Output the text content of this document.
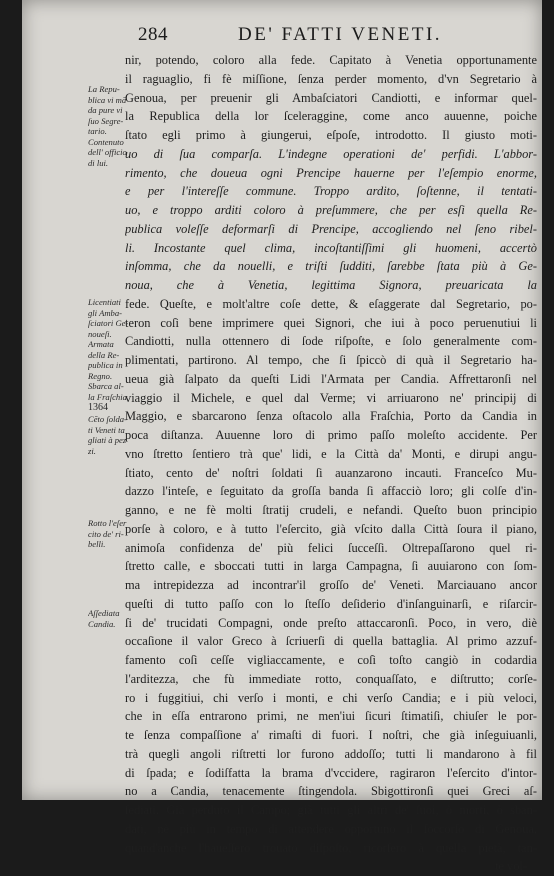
284	DE' FATTI VENETI.
nir, potendo, coloro alla fede. Capitato à Venetia opportunamente
il raguaglio, fi fè miſſione, ſenza perder momento, d'vn Segretario à
Genoua, per preuenir gli Ambaſciatori Candiotti, e informar quel-
la Republica della lor ſceleraggine, come anco auuenne, poiche
ſtato egli primo à giungerui, eſpoſe, introdotto. Il giusto moti-
uo di ſua comparſa. L'indegne operationi de' perfidi. L'abbor-
rimento, che doueua ogni Prencipe hauerne per l'eſempio enorme,
e per l'intereſſe commune. Troppo ardito, ſoſtenne, il tentati-
uo, e troppo arditi coloro à preſummere, che per esſi quella Re-
publica voleſſe deformarſi di Prencipe, accogliendo nel ſeno ribel-
li. Incostante quel clima, incoſtantiſſimi gli huomeni, accertò
inſomma, che da nouelli, e triſti ſudditi, ſarebbe ſtata più à Ge-
noua, che à Venetia, legittima Signora, preuaricata la
fede. Queſte, e molt'altre coſe dette, & eſaggerate dal Segretario, po-
teron coſì bene imprimere quei Signori, che iui à poco peruenutiui li
Candiotti, nulla ottennero di ſode riſpoſte, e ſolo generalmente com-
plimentati, partirono. Al tempo, che ſi ſpiccò di quà il Segretario ha-
ueua già ſalpato da queſti Lidi l'Armata per Candia. Affrettaronſi nel
viaggio il Michele, e quel dal Verme; vi arriuarono ne' principij di
Maggio, e sbarcarono ſenza oſtacolo alla Fraſchia, Porto da Candia in
poca diſtanza. Auuenne loro di primo paſſo moleſto accidente. Per
vno ſtretto ſentiero trà que' lidi, e la Città da' Monti, e dirupi angu-
ſtiato, cento de' noſtri ſoldati ſi auanzarono incauti. Franceſco Mu-
dazzo l'inteſe, e ſeguitato da groſſa banda ſi affacciò loro; gli colſe d'in-
ganno, e ne fè molti ſtratij crudeli, e nefandi. Queſto buon principio
porſe à coloro, e à tutto l'eſercito, già vſcito dalla Città ſoura il piano,
animoſa confidenza de' più felici ſucceſſi. Oltrepaſſarono quel ri-
ſtretto calle, e sboccati tutti in larga Campagna, ſi auuiarono con ſom-
ma intrepidezza ad incontrar'il groſſo de' Veneti. Marciauano ancor
queſti di tutto paſſo con lo ſteſſo deſiderio d'inſanguinarſi, e riſarcir-
ſi de' trucidati Compagni, onde preſto attaccaronſi. Poco, in vero, diè
occaſione il valor Greco à ſcriuerſi di quella battaglia. Al primo azzuf-
famento coſì ceſſe vigliaccamente, e coſì toſto cangiò in codardia
l'arditezza, che fù immediate rotto, conquaſſato, e diſtrutto; corſe-
ro i fuggitiui, chi verſo i monti, e chi verſo Candia; e i più veloci,
che in eſſa entrarono primi, ne men'iui ſicuri ſtimatiſi, chiuſer le por-
te ſenza compaſſione a' rimaſti di fuori. I noſtri, che già inſeguiuanli,
trà quegli angoli riſtretti lor furono addoſſo; tutti li mandarono à fil
di ſpada; e ſodiſfatta la brama d'vccidere, ragiraron l'eſercito d'intor-
no a Candia, tenacemente ſtingendola. Sbigottironſi quei Greci aſ-
ſediati. Già perduto il Campo; già tutti gli altri de' ſuoi, ò morti, ò sban-
dati, nè più in tempo di attendere opportuno il ſoccorſo di Genoua,
quand'anche l'haueſſero trouato diſpoſto, ricorſero à quella pietà, tan-
te vol-
La Repu-
blica vi mā
da pure vi
ſuo Segre-
tario.
Contenuto
dell' officio
di lui.
Licentiati
gli Amba-
ſciatori Ge-
noueſi.
Armata
della Re-
publica in
Regno.
Sbarca al-
la Fraſchia
1364
Cēto ſolda-
ti Veneti ta
gliati à pez
zi.
Rotto l'eſer
cito de' ri-
belli.
Aſſediata
Candia.
